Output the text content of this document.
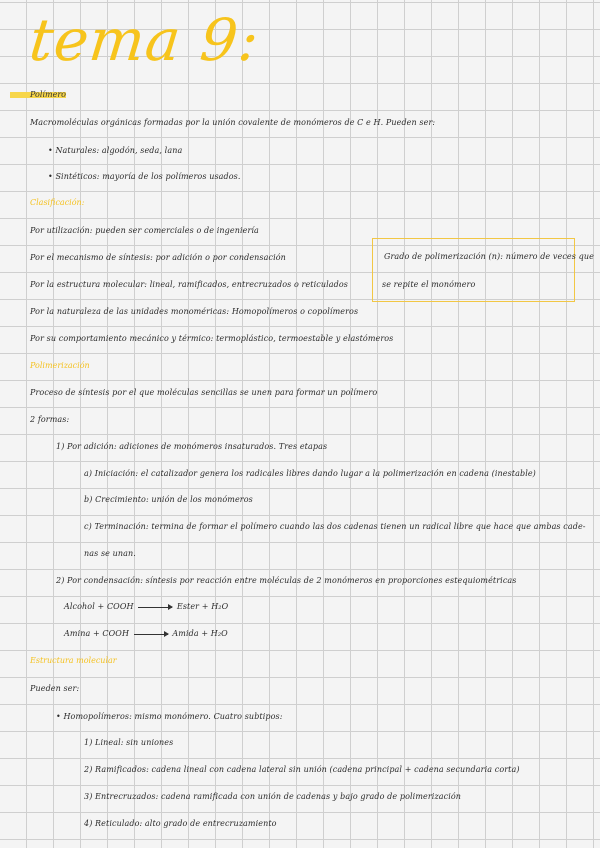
tema 9:
Polímero
Macromoléculas orgánicas formadas por la unión covalente de monómeros de C e H. Pueden ser:
• Naturales: algodón, seda, lana
• Sintéticos: mayoría de los polímeros usados.
Clasificación:
Por utilización: pueden ser comerciales o de ingeniería
Por el mecanismo de síntesis: por adición o por condensación
Por la estructura molecular: lineal, ramificados, entrecruzados o reticulados
Por la naturaleza de las unidades monoméricas: Homopolímeros o copolímeros
Por su comportamiento mecánico y térmico: termoplástico, termoestable y elastómeros
Grado de polimerización (n): número de veces que
se repite el monómero
Polimerización
Proceso de síntesis por el que moléculas sencillas se unen para formar un polímero
2 formas:
1) Por adición: adiciones de monómeros insaturados. Tres etapas
a) Iniciación: el catalizador genera los radicales libres dando lugar a la polimerización en cadena (inestable)
b) Crecimiento: unión de los monómeros
c) Terminación: termina de formar el polímero cuando las dos cadenas tienen un radical libre que hace que ambas cade-
nas se unan.
2) Por condensación: síntesis por reacción entre moléculas de 2 monómeros en proporciones estequiométricas
Alcohol + COOH	Ester + H₂O
Amina + COOH	Amida + H₂O
Estructura molecular
Pueden ser:
• Homopolímeros: mismo monómero. Cuatro subtipos:
1) Lineal: sin uniones
2) Ramificados: cadena lineal con cadena lateral sin unión (cadena principal + cadena secundaria corta)
3) Entrecruzados: cadena ramificada con unión de cadenas y bajo grado de polimerización
4) Reticulado: alto grado de entrecruzamiento
